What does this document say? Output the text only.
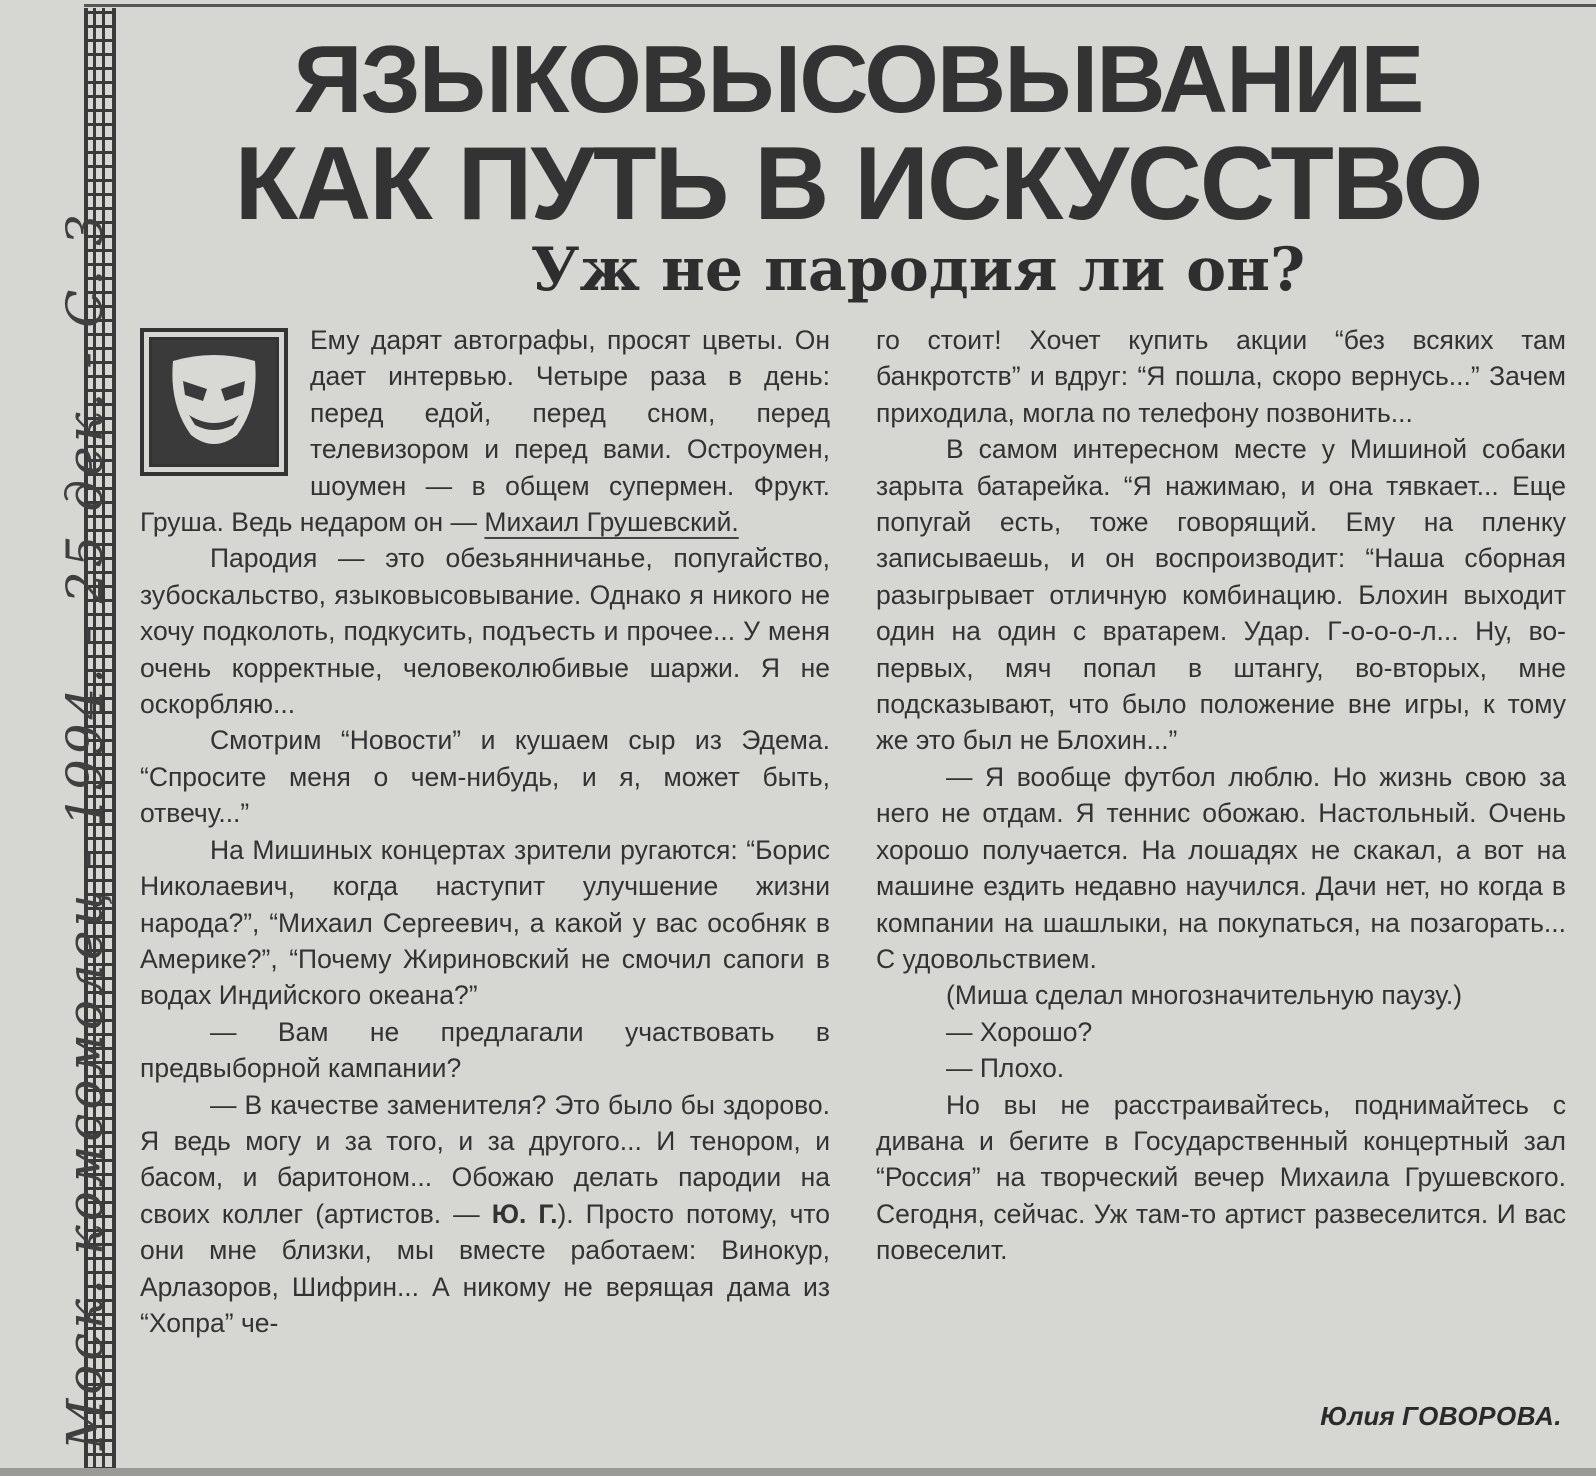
Моск. комсомолец - 1994. - 25 дек. - С. 3
ЯЗЫКОВЫСОВЫВАНИЕ
КАК ПУТЬ В ИСКУССТВО
Уж не пародия ли он?

Ему дарят автографы, просят цветы. Он дает интервью. Четыре раза в день: перед едой, перед сном, перед телевизором и перед вами. Остроумен, шоумен — в общем супермен. Фрукт. Груша. Ведь недаром он — Михаил Грушевский.

Пародия — это обезьянничанье, попугайство, зубоскальство, языковысовывание. Однако я никого не хочу подколоть, подкусить, подъесть и прочее... У меня очень корректные, человеколюбивые шаржи. Я не оскорбляю...

Смотрим “Новости” и кушаем сыр из Эдема. “Спросите меня о чем-нибудь, и я, может быть, отвечу...”

На Мишиных концертах зрители ругаются: “Борис Николаевич, когда наступит улучшение жизни народа?”, “Михаил Сергеевич, а какой у вас особняк в Америке?”, “Почему Жириновский не смочил сапоги в водах Индийского океана?”

— Вам не предлагали участвовать в предвыборной кампании?

— В качестве заменителя? Это было бы здорово. Я ведь могу и за того, и за другого... И тенором, и басом, и баритоном... Обожаю делать пародии на своих коллег (артистов. — Ю. Г.). Просто потому, что они мне близки, мы вместе работаем: Винокур, Арлазоров, Шифрин... А никому не верящая дама из “Хопра” че-

го стоит! Хочет купить акции “без всяких там банкротств” и вдруг: “Я пошла, скоро вернусь...” Зачем приходила, могла по телефону позвонить...

В самом интересном месте у Мишиной собаки зарыта батарейка. “Я нажимаю, и она тявкает... Еще попугай есть, тоже говорящий. Ему на пленку записываешь, и он воспроизводит: “Наша сборная разыгрывает отличную комбинацию. Блохин выходит один на один с вратарем. Удар. Г-о-о-о-л... Ну, во-первых, мяч попал в штангу, во-вторых, мне подсказывают, что было положение вне игры, к тому же это был не Блохин...”

— Я вообще футбол люблю. Но жизнь свою за него не отдам. Я теннис обожаю. Настольный. Очень хорошо получается. На лошадях не скакал, а вот на машине ездить недавно научился. Дачи нет, но когда в компании на шашлыки, на покупаться, на позагорать... С удовольствием.

(Миша сделал многозначительную паузу.)

— Хорошо?

— Плохо.

Но вы не расстраивайтесь, поднимайтесь с дивана и бегите в Государственный концертный зал “Россия” на творческий вечер Михаила Грушевского. Сегодня, сейчас. Уж там-то артист развеселится. И вас повеселит.

Юлия ГОВОРОВА.
